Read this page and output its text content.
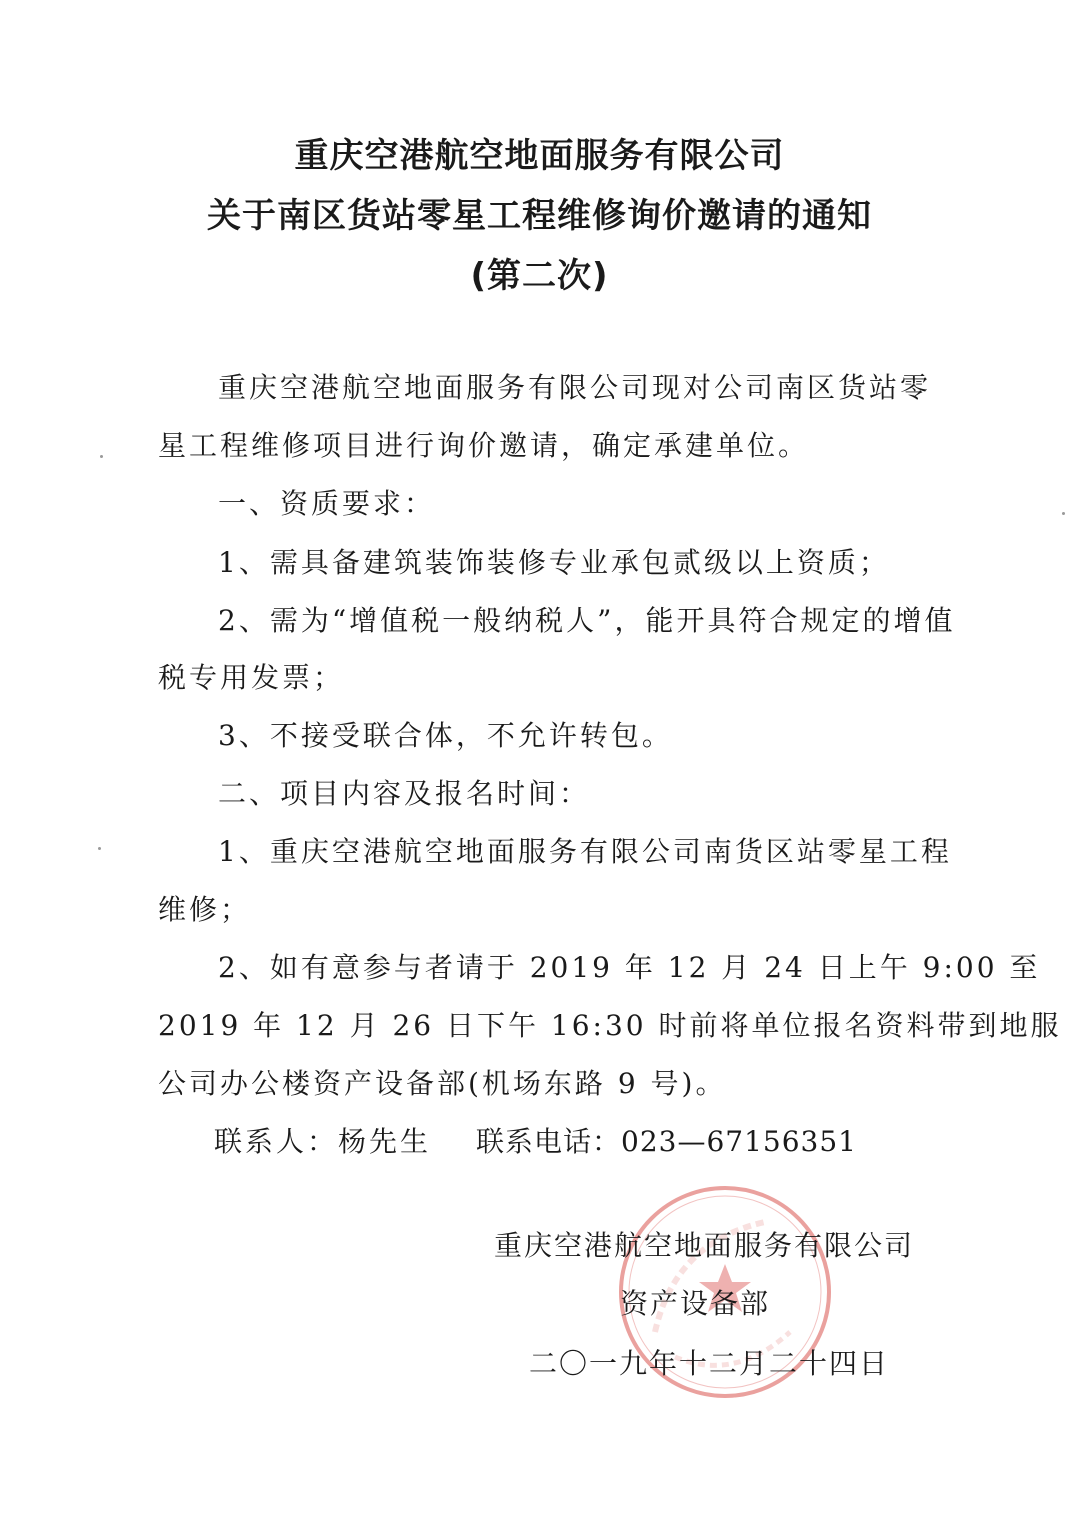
重庆空港航空地面服务有限公司
关于南区货站零星工程维修询价邀请的通知
(第二次)
重庆空港航空地面服务有限公司现对公司南区货站零
星工程维修项目进行询价邀请，确定承建单位。
一、资质要求：
1、需具备建筑装饰装修专业承包贰级以上资质；
2、需为“增值税一般纳税人”，能开具符合规定的增值
税专用发票；
3、不接受联合体，不允许转包。
二、项目内容及报名时间：
1、重庆空港航空地面服务有限公司南货区站零星工程
维修；
2、如有意参与者请于 2019 年 12 月 24 日上午 9:00 至
2019 年 12 月 26 日下午 16:30 时前将单位报名资料带到地服
公司办公楼资产设备部(机场东路 9 号)。
联系人：杨先生 联系电话：023—67156351
重庆空港航空地面服务有限公司
资产设备部
二〇一九年十二月二十四日
